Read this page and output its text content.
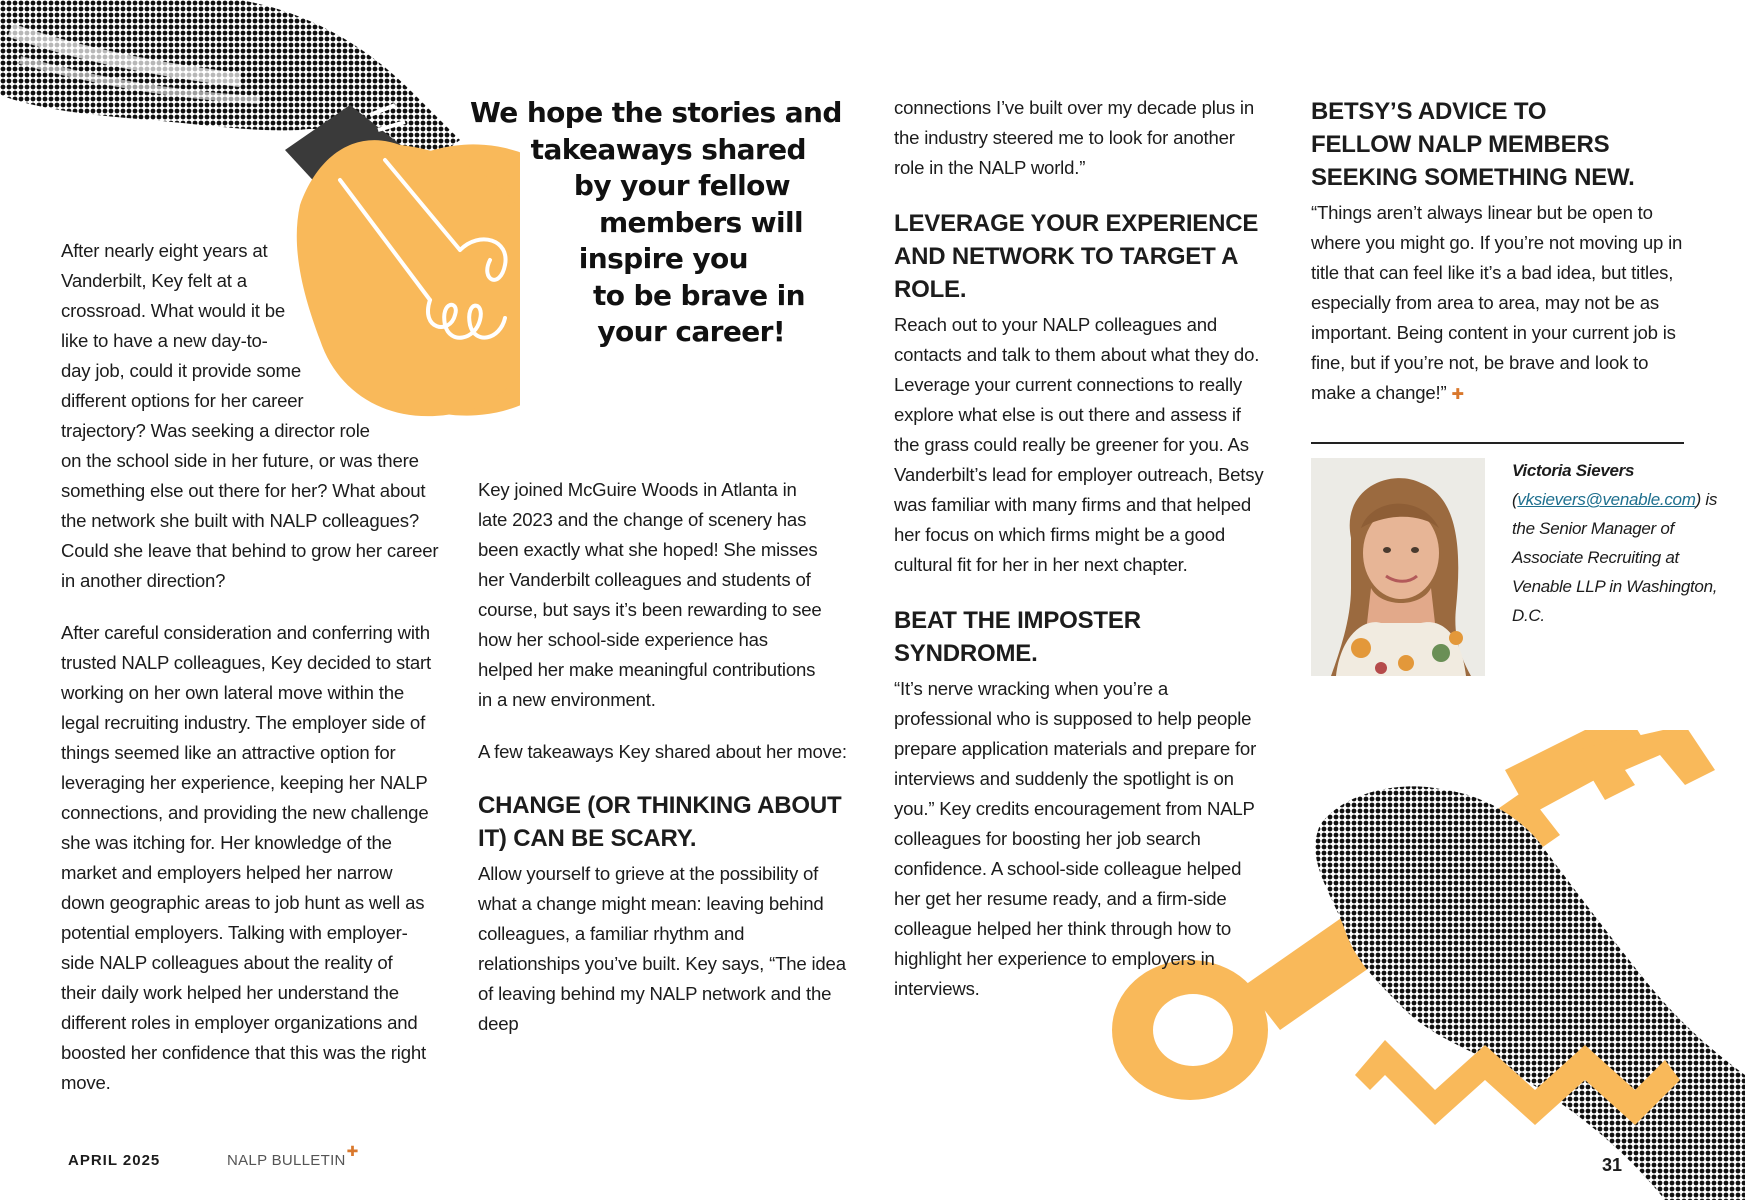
We hope the stories and
takeaways shared
by your fellow
members will
inspire you
to be brave in
your career!
After nearly eight years at
Vanderbilt, Key felt at a
crossroad. What would it be
like to have a new day-to-
day job, could it provide some
different options for her career
trajectory? Was seeking a director role
on the school side in her future, or was there
something else out there for her? What about
the network she built with NALP colleagues?
Could she leave that behind to grow her career
in another direction?

After careful consideration and conferring with trusted NALP colleagues, Key decided to start working on her own lateral move within the legal recruiting industry. The employer side of things seemed like an attractive option for leveraging her experience, keeping her NALP connections, and providing the new challenge she was itching for. Her knowledge of the market and employers helped her narrow down geographic areas to job hunt as well as potential employers. Talking with employer-side NALP colleagues about the reality of their daily work helped her understand the different roles in employer organizations and boosted her confidence that this was the right move.

Key joined McGuire Woods in Atlanta in late 2023 and the change of scenery has been exactly what she hoped! She misses her Vanderbilt colleagues and students of course, but says it’s been rewarding to see how her school-side experience has helped her make meaningful contributions in a new environment.

A few takeaways Key shared about her move:

CHANGE (OR THINKING ABOUT IT) CAN BE SCARY.

Allow yourself to grieve at the possibility of what a change might mean: leaving behind colleagues, a familiar rhythm and relationships you’ve built. Key says, “The idea of leaving behind my NALP network and the deep

connections I’ve built over my decade plus in the industry steered me to look for another role in the NALP world.”

LEVERAGE YOUR EXPERIENCE AND NETWORK TO TARGET A ROLE.

Reach out to your NALP colleagues and contacts and talk to them about what they do. Leverage your current connections to really explore what else is out there and assess if the grass could really be greener for you. As Vanderbilt’s lead for employer outreach, Betsy was familiar with many firms and that helped her focus on which firms might be a good cultural fit for her in her next chapter.

BEAT THE IMPOSTER SYNDROME.

“It’s nerve wracking when you’re a professional who is supposed to help people prepare application materials and prepare for interviews and suddenly the spotlight is on you.” Key credits encouragement from NALP colleagues for boosting her job search confidence. A school-side colleague helped her get her resume ready, and a firm-side colleague helped her think through how to highlight her experience to employers in interviews.

BETSY’S ADVICE TO FELLOW NALP MEMBERS SEEKING SOMETHING NEW.

“Things aren’t always linear but be open to where you might go. If you’re not moving up in title that can feel like it’s a bad idea, but titles, especially from area to area, may not be as important. Being content in your current job is fine, but if you’re not, be brave and look to make a change!” ✚

Victoria Sievers
(vksievers@venable.com) is the Senior Manager of Associate Recruiting at Venable LLP in Washington, D.C.
APRIL 2025	NALP BULLETIN✚
31
